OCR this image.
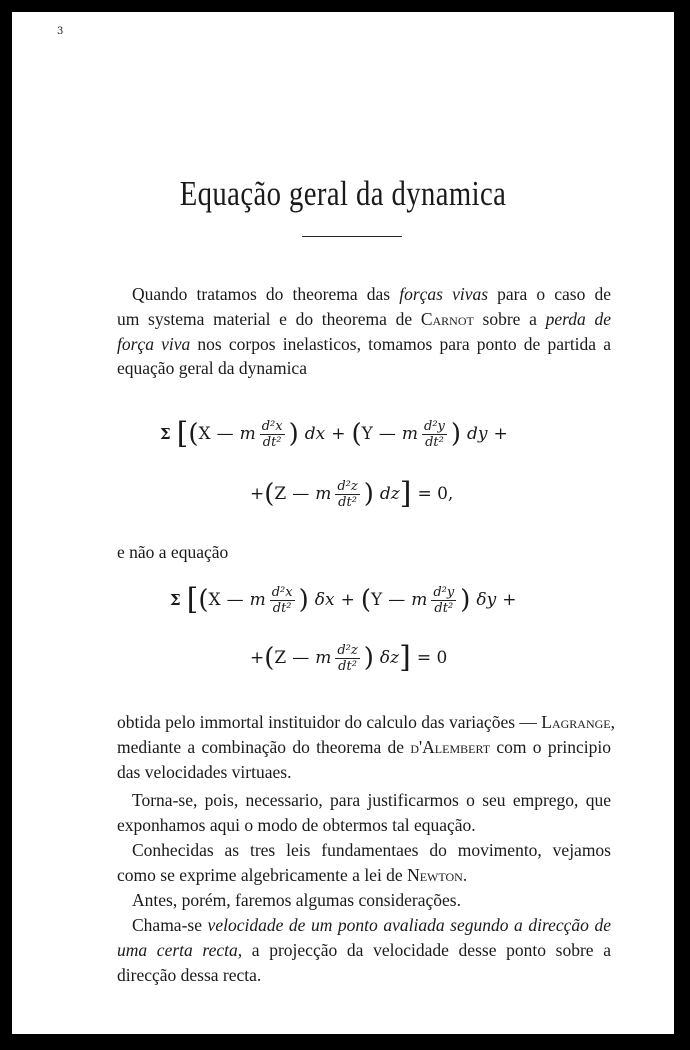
3
Equação geral da dynamica
Quando tratamos do theorema das forças vivas para o caso de
um systema material e do theorema de Carnot sobre a perda de
força viva nos corpos inelasticos, tomamos para ponto de partida a
equação geral da dynamica
Σ [ ( X — m $\frac{\text{d²x}}{\text{dt²}}$ ) dx + ( Y — m $\frac{\text{d²y}}{\text{dt²}}$ ) dy +
+ ( Z — m $\frac{\text{d²z}}{\text{dt²}}$ ) dz ] = 0,
e não a equação
Σ [ ( X — m $\frac{\text{d²x}}{\text{dt²}}$ ) δx + ( Y — m $\frac{\text{d²y}}{\text{dt²}}$ ) δy +
+ ( Z — m $\frac{\text{d²z}}{\text{dt²}}$ ) δz ] = 0
obtida pelo immortal instituidor do calculo das variações — Lagrange,
mediante a combinação do theorema de d'Alembert com o principio
das velocidades virtuaes.
Torna-se, pois, necessario, para justificarmos o seu emprego, que
exponhamos aqui o modo de obtermos tal equação.
Conhecidas as tres leis fundamentaes do movimento, vejamos
como se exprime algebricamente a lei de Newton.
Antes, porém, faremos algumas considerações.
Chama-se velocidade de um ponto avaliada segundo a direcção de
uma certa recta, a projecção da velocidade desse ponto sobre a
direcção dessa recta.
